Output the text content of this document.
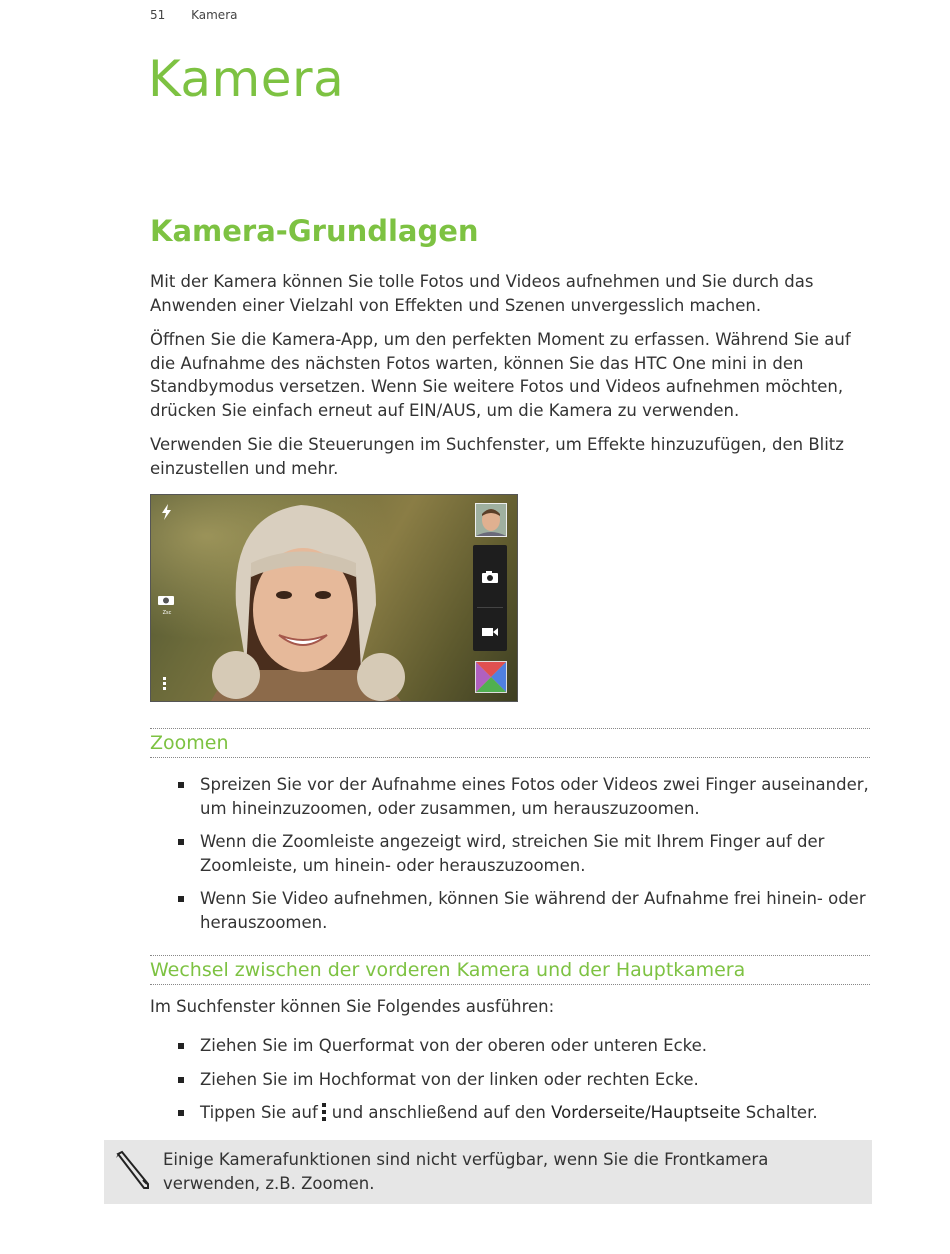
51 Kamera
Kamera
Kamera-Grundlagen

Mit der Kamera können Sie tolle Fotos und Videos aufnehmen und Sie durch das Anwenden einer Vielzahl von Effekten und Szenen unvergesslich machen.

Öffnen Sie die Kamera-App, um den perfekten Moment zu erfassen. Während Sie auf die Aufnahme des nächsten Fotos warten, können Sie das HTC One mini in den Standbymodus versetzen. Wenn Sie weitere Fotos und Videos aufnehmen möchten, drücken Sie einfach erneut auf EIN/AUS, um die Kamera zu verwenden.

Verwenden Sie die Steuerungen im Suchfenster, um Effekte hinzuzufügen, den Blitz einzustellen und mehr.

Zsc
Zoomen
Spreizen Sie vor der Aufnahme eines Fotos oder Videos zwei Finger auseinander, um hineinzuzoomen, oder zusammen, um herauszuzoomen.
Wenn die Zoomleiste angezeigt wird, streichen Sie mit Ihrem Finger auf der Zoomleiste, um hinein- oder herauszuzoomen.
Wenn Sie Video aufnehmen, können Sie während der Aufnahme frei hinein- oder herauszoomen.
Wechsel zwischen der vorderen Kamera und der Hauptkamera

Im Suchfenster können Sie Folgendes ausführen:

Ziehen Sie im Querformat von der oberen oder unteren Ecke.
Ziehen Sie im Hochformat von der linken oder rechten Ecke.
Tippen Sie auf und anschließend auf den Vorderseite/Hauptseite Schalter.
Einige Kamerafunktionen sind nicht verfügbar, wenn Sie die Frontkamera verwenden, z.B. Zoomen.
